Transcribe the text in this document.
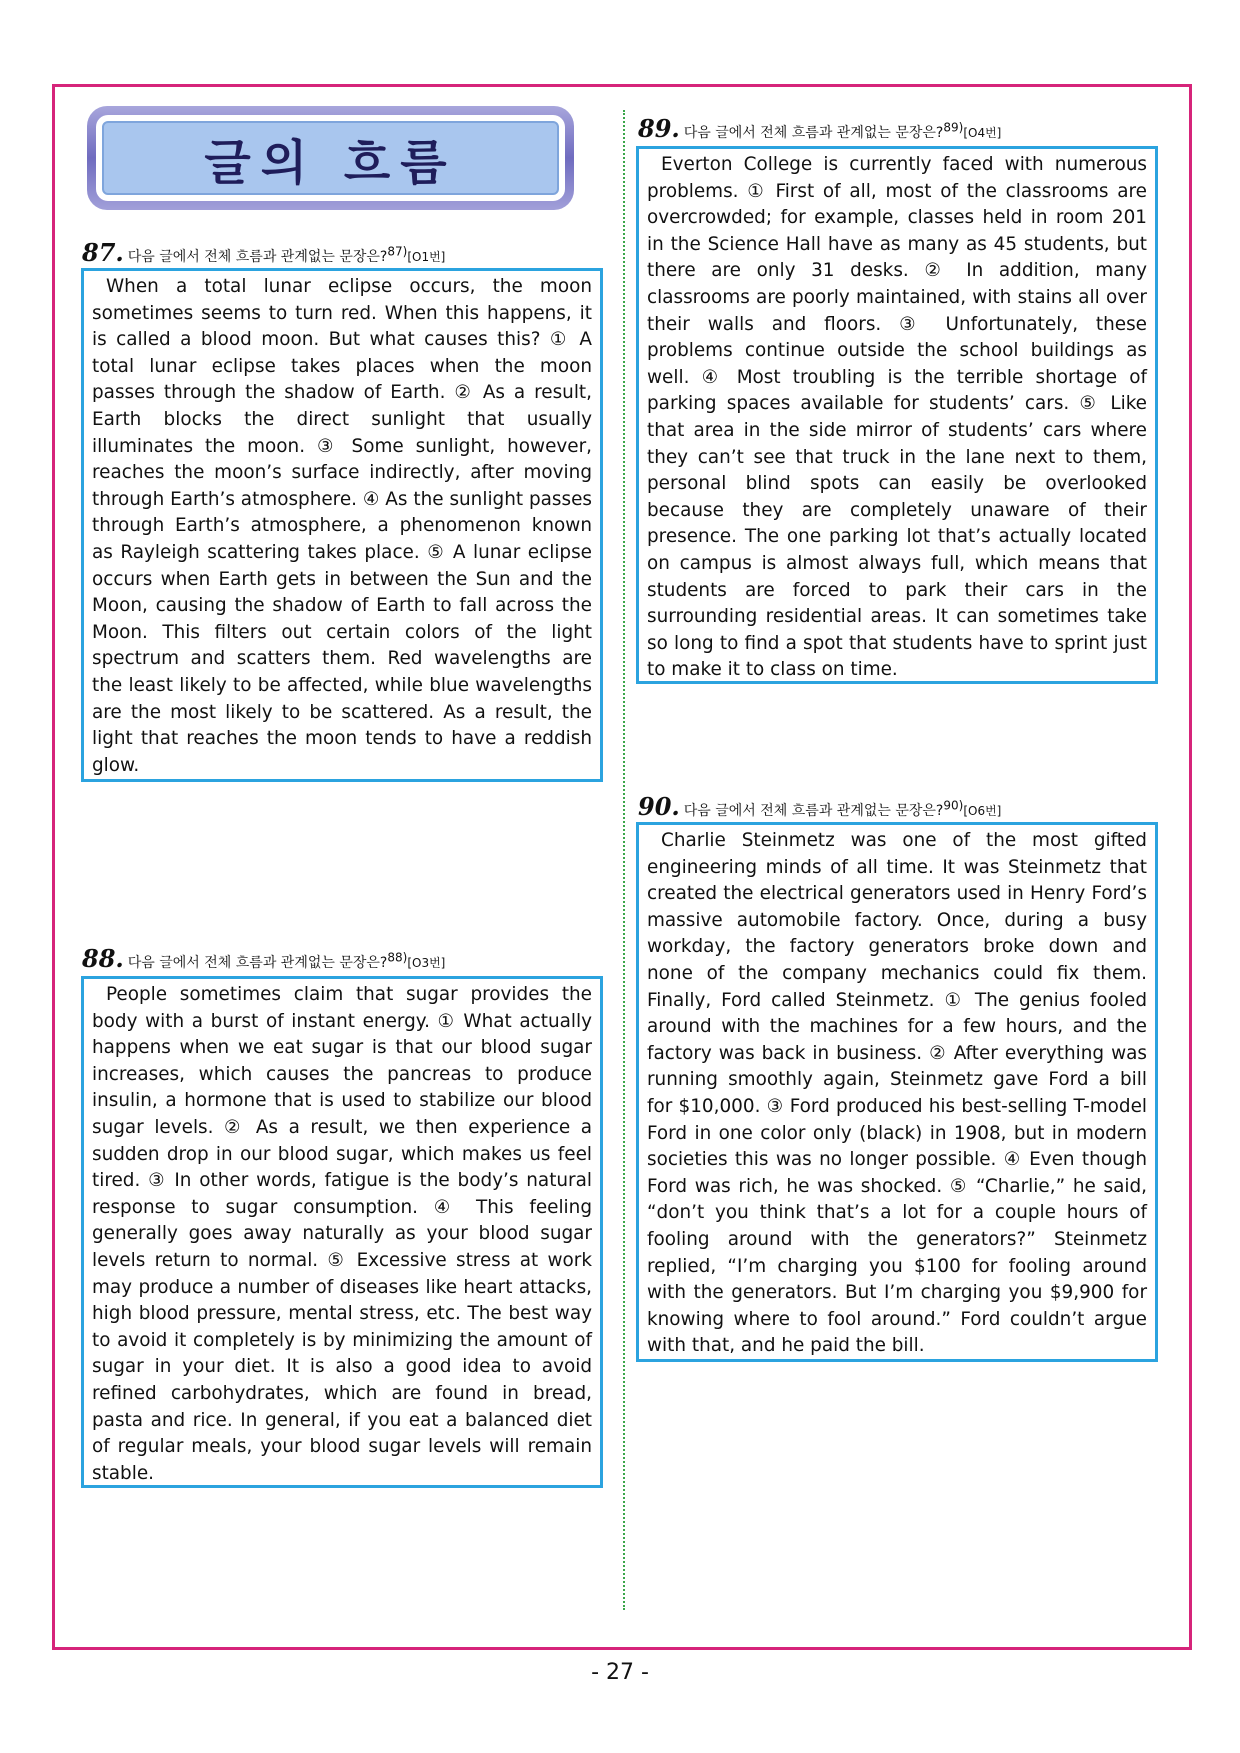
글의 흐름
87. 다음 글에서 전체 흐름과 관계없는 문장은?$^{87)}$[O1번]

When a total lunar eclipse occurs, the moon sometimes seems to turn red. When this happens, it is called a blood moon. But what causes this? ① A total lunar eclipse takes places when the moon passes through the shadow of Earth. ② As a result, Earth blocks the direct sunlight that usually illuminates the moon. ③ Some sunlight, however, reaches the moon’s surface indirectly, after moving through Earth’s atmosphere. ④ As the sunlight passes through Earth’s atmosphere, a phenomenon known as Rayleigh scattering takes place. ⑤ A lunar eclipse occurs when Earth gets in between the Sun and the Moon, causing the shadow of Earth to fall across the Moon. This filters out certain colors of the light spectrum and scatters them. Red wavelengths are the least likely to be affected, while blue wavelengths are the most likely to be scattered. As a result, the light that reaches the moon tends to have a reddish glow.

88. 다음 글에서 전체 흐름과 관계없는 문장은?$^{88)}$[O3번]

People sometimes claim that sugar provides the body with a burst of instant energy. ① What actually happens when we eat sugar is that our blood sugar increases, which causes the pancreas to produce insulin, a hormone that is used to stabilize our blood sugar levels. ② As a result, we then experience a sudden drop in our blood sugar, which makes us feel tired. ③ In other words, fatigue is the body’s natural response to sugar consumption. ④ This feeling generally goes away naturally as your blood sugar levels return to normal. ⑤ Excessive stress at work may produce a number of diseases like heart attacks, high blood pressure, mental stress, etc. The best way to avoid it completely is by minimizing the amount of sugar in your diet. It is also a good idea to avoid refined carbohydrates, which are found in bread, pasta and rice. In general, if you eat a balanced diet of regular meals, your blood sugar levels will remain stable.

89. 다음 글에서 전체 흐름과 관계없는 문장은?$^{89)}$[O4번]

Everton College is currently faced with numerous problems. ① First of all, most of the classrooms are overcrowded; for example, classes held in room 201 in the Science Hall have as many as 45 students, but there are only 31 desks. ② In addition, many classrooms are poorly maintained, with stains all over their walls and floors. ③ Unfortunately, these problems continue outside the school buildings as well. ④ Most troubling is the terrible shortage of parking spaces available for students’ cars. ⑤ Like that area in the side mirror of students’ cars where they can’t see that truck in the lane next to them, personal blind spots can easily be overlooked because they are completely unaware of their presence. The one parking lot that’s actually located on campus is almost always full, which means that students are forced to park their cars in the surrounding residential areas. It can sometimes take so long to find a spot that students have to sprint just to make it to class on time.

90. 다음 글에서 전체 흐름과 관계없는 문장은?$^{90)}$[O6번]

Charlie Steinmetz was one of the most gifted engineering minds of all time. It was Steinmetz that created the electrical generators used in Henry Ford’s massive automobile factory. Once, during a busy workday, the factory generators broke down and none of the company mechanics could fix them. Finally, Ford called Steinmetz. ① The genius fooled around with the machines for a few hours, and the factory was back in business. ② After everything was running smoothly again, Steinmetz gave Ford a bill for $10,000. ③ Ford produced his best-selling T-model Ford in one color only (black) in 1908, but in modern societies this was no longer possible. ④ Even though Ford was rich, he was shocked. ⑤ “Charlie,” he said, “don’t you think that’s a lot for a couple hours of fooling around with the generators?” Steinmetz replied, “I’m charging you $100 for fooling around with the generators. But I’m charging you $9,900 for knowing where to fool around.” Ford couldn’t argue with that, and he paid the bill.

- 27 -
